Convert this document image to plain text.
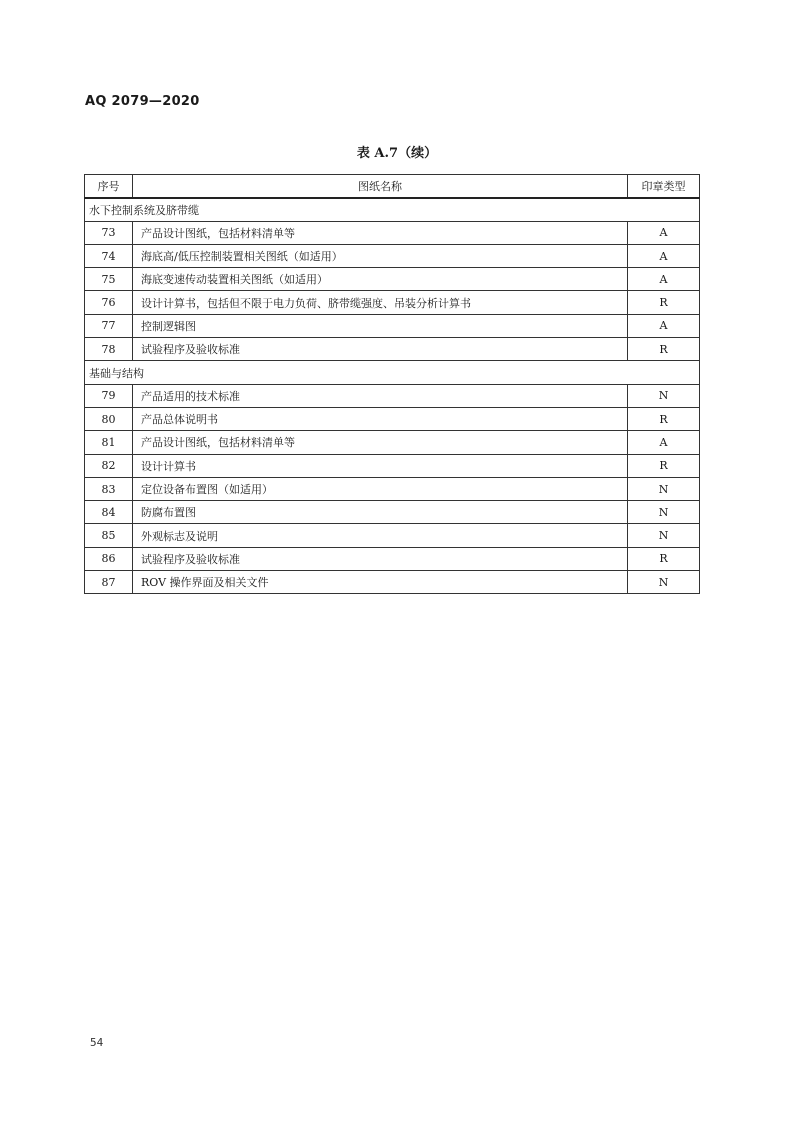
AQ 2079—2020
表 A.7（续）
序号	图纸名称	印章类型
水下控制系统及脐带缆		
73	产品设计图纸，包括材料清单等	A
74	海底高/低压控制装置相关图纸（如适用）	A
75	海底变速传动装置相关图纸（如适用）	A
76	设计计算书，包括但不限于电力负荷、脐带缆强度、吊装分析计算书	R
77	控制逻辑图	A
78	试验程序及验收标准	R
基础与结构		
79	产品适用的技术标准	N
80	产品总体说明书	R
81	产品设计图纸，包括材料清单等	A
82	设计计算书	R
83	定位设备布置图（如适用）	N
84	防腐布置图	N
85	外观标志及说明	N
86	试验程序及验收标准	R
87	ROV 操作界面及相关文件	N
54
